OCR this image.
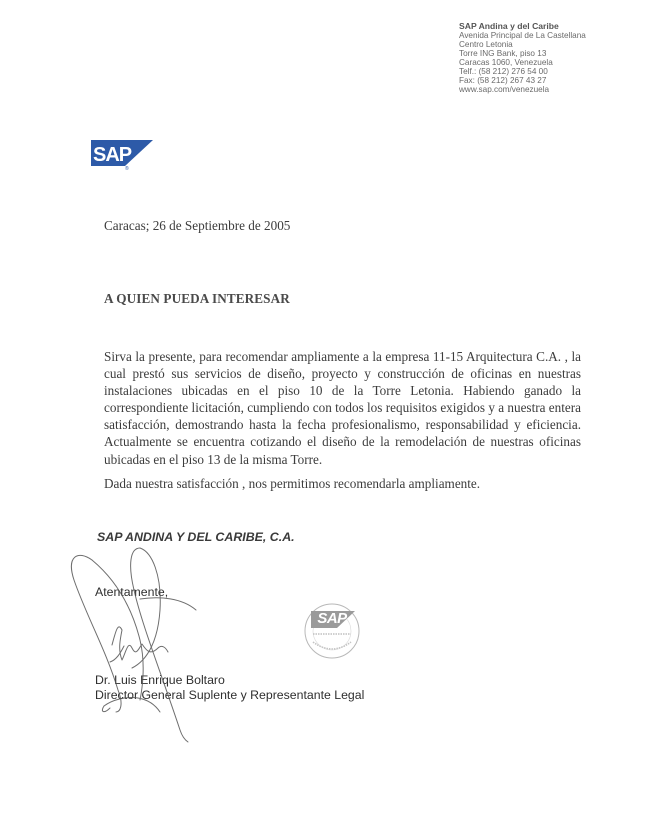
SAP Andina y del Caribe
Avenida Principal de La Castellana
Centro Letonia
Torre ING Bank, piso 13
Caracas 1060, Venezuela
Telf.: (58 212) 276 54 00
Fax: (58 212) 267 43 27
www.sap.com/venezuela
SAP
®
Caracas; 26 de Septiembre de 2005
A QUIEN PUEDA INTERESAR

Sirva la presente, para recomendar ampliamente a la empresa 11-15 Arquitectura C.A. , la cual prestó sus servicios de diseño, proyecto y construcción de oficinas en nuestras instalaciones ubicadas en el piso 10 de la Torre Letonia. Habiendo ganado la correspondiente licitación, cumpliendo con todos los requisitos exigidos y a nuestra entera satisfacción, demostrando hasta la fecha profesionalismo, responsabilidad y eficiencia. Actualmente se encuentra cotizando el diseño de la remodelación de nuestras oficinas ubicadas en el piso 13 de la misma Torre.

Dada nuestra satisfacción , nos permitimos recomendarla ampliamente.

SAP ANDINA Y DEL CARIBE, C.A.
Atentamente,
Dr. Luis Enrique Boltaro
Director General Suplente y Representante Legal
SAP
